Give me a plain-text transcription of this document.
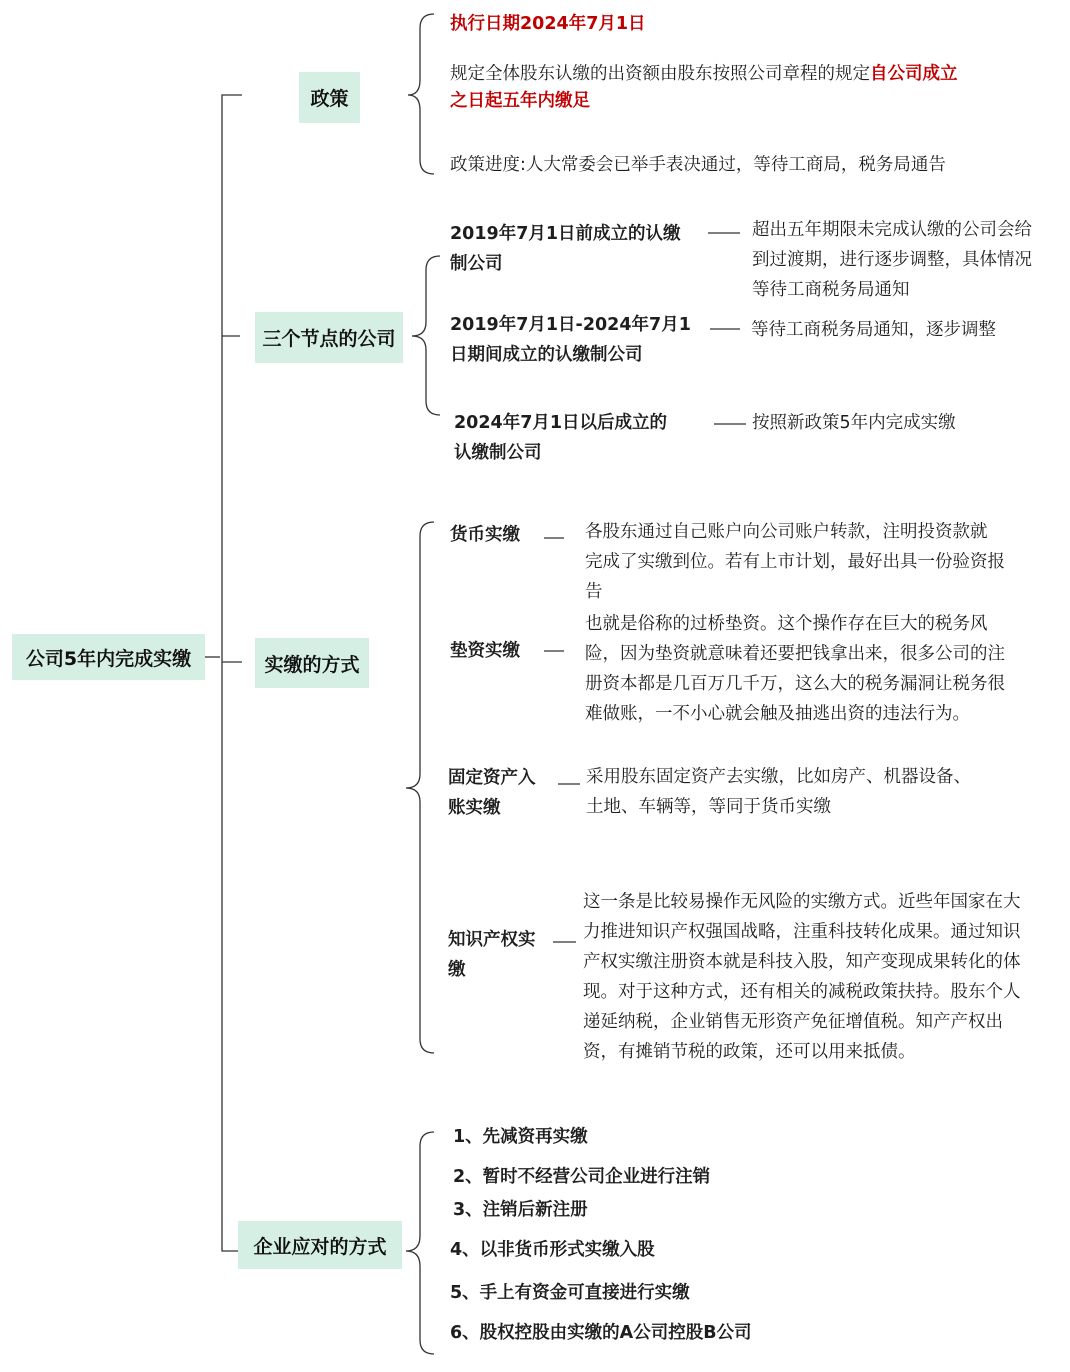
公司5年内完成实缴
政策
三个节点的公司
实缴的方式
企业应对的方式
执行日期2024年7月1日
规定全体股东认缴的出资额由股东按照公司章程的规定自公司成立
之日起五年内缴足
政策进度:人大常委会已举手表决通过，等待工商局，税务局通告
2019年7月1日前成立的认缴
制公司
超出五年期限未完成认缴的公司会给
到过渡期，进行逐步调整，具体情况
等待工商税务局通知
2019年7月1日-2024年7月1
日期间成立的认缴制公司
等待工商税务局通知，逐步调整
2024年7月1日以后成立的
认缴制公司
按照新政策5年内完成实缴
货币实缴	各股东通过自己账户向公司账户转款，注明投资款就
完成了实缴到位。若有上市计划，最好出具一份验资报
告
垫资实缴
也就是俗称的过桥垫资。这个操作存在巨大的税务风
险，因为垫资就意味着还要把钱拿出来，很多公司的注
册资本都是几百万几千万，这么大的税务漏洞让税务很
难做账，一不小心就会触及抽逃出资的违法行为。
固定资产入
账实缴
采用股东固定资产去实缴，比如房产、机器设备、
土地、车辆等，等同于货币实缴
知识产权实
缴
这一条是比较易操作无风险的实缴方式。近些年国家在大
力推进知识产权强国战略，注重科技转化成果。通过知识
产权实缴注册资本就是科技入股，知产变现成果转化的体
现。对于这种方式，还有相关的减税政策扶持。股东个人
递延纳税，企业销售无形资产免征增值税。知产产权出
资，有摊销节税的政策，还可以用来抵债。
1、先减资再实缴
2、暂时不经营公司企业进行注销
3、注销后新注册
4、以非货币形式实缴入股
5、手上有资金可直接进行实缴
6、股权控股由实缴的A公司控股B公司
